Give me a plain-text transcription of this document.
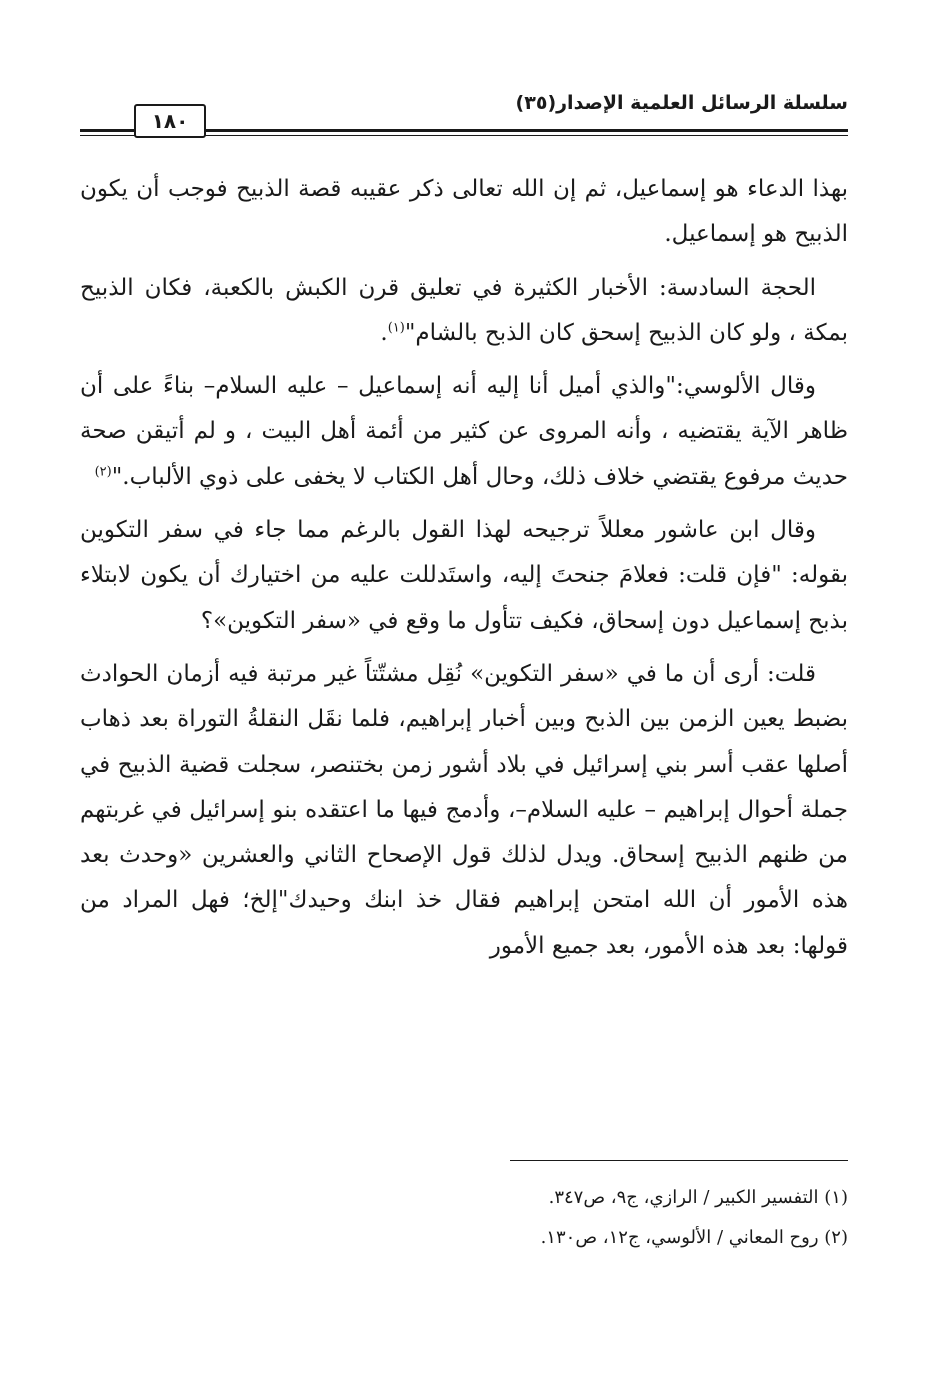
سلسلة الرسائل العلمية الإصدار(٣٥)
١٨٠

بهذا الدعاء هو إسماعيل، ثم إن الله تعالى ذكر عقيبه قصة الذبيح فوجب أن يكون الذبيح هو إسماعيل.

الحجة السادسة: الأخبار الكثيرة في تعليق قرن الكبش بالكعبة، فكان الذبيح بمكة ، ولو كان الذبيح إسحق كان الذبح بالشام"$^{(١)}$.

وقال الألوسي:"والذي أميل أنا إليه أنه إسماعيل – عليه السلام– بناءً على أن ظاهر الآية يقتضيه ، وأنه المروى عن كثير من أئمة أهل البيت ، و لم أتيقن صحة حديث مرفوع يقتضي خلاف ذلك، وحال أهل الكتاب لا يخفى على ذوي الألباب."$^{(٢)}$

وقال ابن عاشور معللاً ترجيحه لهذا القول بالرغم مما جاء في سفر التكوين بقوله: "فإن قلت: فعلامَ جنحتَ إليه، واستَدللت عليه من اختيارك أن يكون لابتلاء بذبح إسماعيل دون إسحاق، فكيف تتأول ما وقع في «سفر التكوين»؟

قلت: أرى أن ما في «سفر التكوين» نُقِل مشتّتاً غير مرتبة فيه أزمان الحوادث بضبط يعين الزمن بين الذبح وبين أخبار إبراهيم، فلما نقَل النقلةُ التوراة بعد ذهاب أصلها عقب أسر بني إسرائيل في بلاد أشور زمن بختنصر، سجلت قضية الذبيح في جملة أحوال إبراهيم – عليه السلام–، وأدمج فيها ما اعتقده بنو إسرائيل في غربتهم من ظنهم الذبيح إسحاق. ويدل لذلك قول الإصحاح الثاني والعشرين «وحدث بعد هذه الأمور أن الله امتحن إبراهيم فقال خذ ابنك وحيدك"إلخ؛ فهل المراد من قولها: بعد هذه الأمور، بعد جميع الأمور

(١) التفسير الكبير / الرازي، ج٩، ص٣٤٧.
(٢) روح المعاني / الألوسي، ج١٢، ص١٣٠.
